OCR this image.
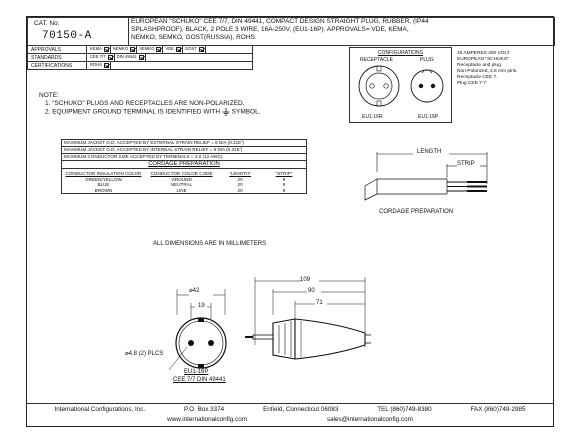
CAT. No.
70150-A
EUROPEAN "SCHUKO" CEE 7/7, DIN 49441, COMPACT DESIGN STRAIGHT PLUG, RUBBER, (IP44 SPLASHPROOF), BLACK, 2 POLE 3 WIRE, 16A-250V, (EU1-16P). APPROVALS= VDE, KEMA, NEMKO, SEMKO, GOST(RUSSIA), ROHS.
APPROVALS	KEMA	NEMKO	SEMKO	VDE	GOST
STANDARDS	CEE 7/7	DIN 49441
CERTIFICATIONS	ROHS
CONFIGURATIONS
RECEPTACLE	PLUG
EU1-16R	EU1-16P
16 AMPERES 250 VOLT
EUROPEAN "SCHUKO"
Receptacle and plug.
Non-Polarized, 4.8 mm pins.
Receptacle CEE 7.
Plug CEE 7-7.
NOTE:
1. "SCHUKO" PLUGS AND RECEPTACLES ARE NON-POLARIZED.
2. EQUIPMENT GROUND TERMINAL IS IDENTIFIED WITH SYMBOL.
MAXIMUM JACKET O.D. ACCEPTED BY EXTERNAL STRAIN RELIEF = 8 DIA (0.315")
MAXIMUM JACKET O.D. ACCEPTED BY INTERNAL STRAIN RELIEF = 8 DIA (0.315")
MAXIMUM CONDUCTOR SIZE ACCEPTED BY TERMINALS = 4.0 (12 AWG)
CORDAGE PREPARATION
CONDUCTOR INSULATION COLOR	CONDUCTOR COLOR CODE	"LENGTH"	"STRIP"
GREEN/YELLOW	GROUND	20	8
BLUE	NEUTRAL	20	8
BROWN	LINE	20	8
LENGTH
STRIP
CORDAGE PREPARATION
ALL DIMENSIONS ARE IN MILLIMETERS
⌀42
19
⌀4.8 (2) PLCS
EU1-16P
CEE 7/7 DIN 49441
109
90
71
International Configurations, Inc.	P.O. Box 3374	Enfield, Connecticut 06083	TEL (860)749-8380	FAX (860)749-2985
www.internationalconfig.com	sales@internationalconfig.com
